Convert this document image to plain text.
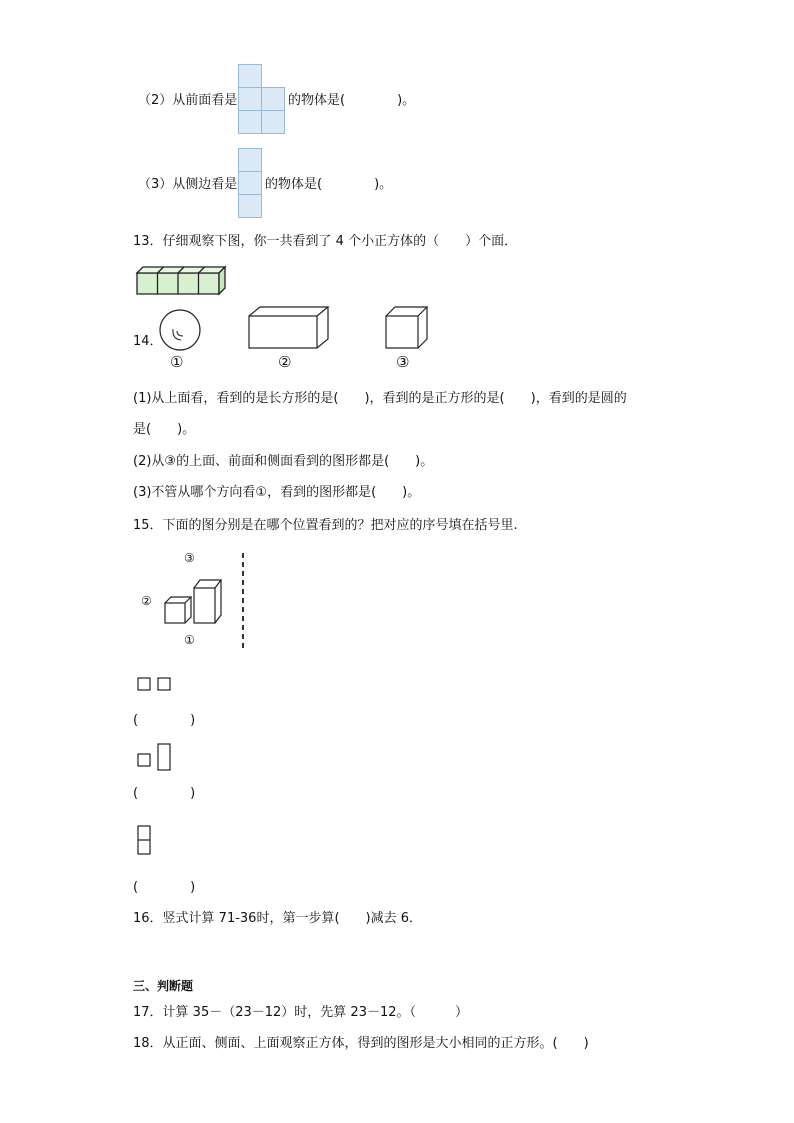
（2）从前面看是	的物体是(　　　　)。
（3）从侧边看是 的物体是(　　　　)。
13．仔细观察下图，你一共看到了 4 个小正方体的（　　）个面．
14．
①	②	③
(1)从上面看，看到的是长方形的是(　　)，看到的是正方形的是(　　)，看到的是圆的
是(　　)。
(2)从③的上面、前面和侧面看到的图形都是(　　)。
(3)不管从哪个方向看①，看到的图形都是(　　)。
15．下面的图分别是在哪个位置看到的？把对应的序号填在括号里.
③
②
①
(　　　　)
(　　　　)
(　　　　)
16．竖式计算 71-36时，第一步算(　　)减去 6．
三、判断题
17．计算 35－（23－12）时，先算 23－12。（　　　）
18．从正面、侧面、上面观察正方体，得到的图形是大小相同的正方形。(　　)
